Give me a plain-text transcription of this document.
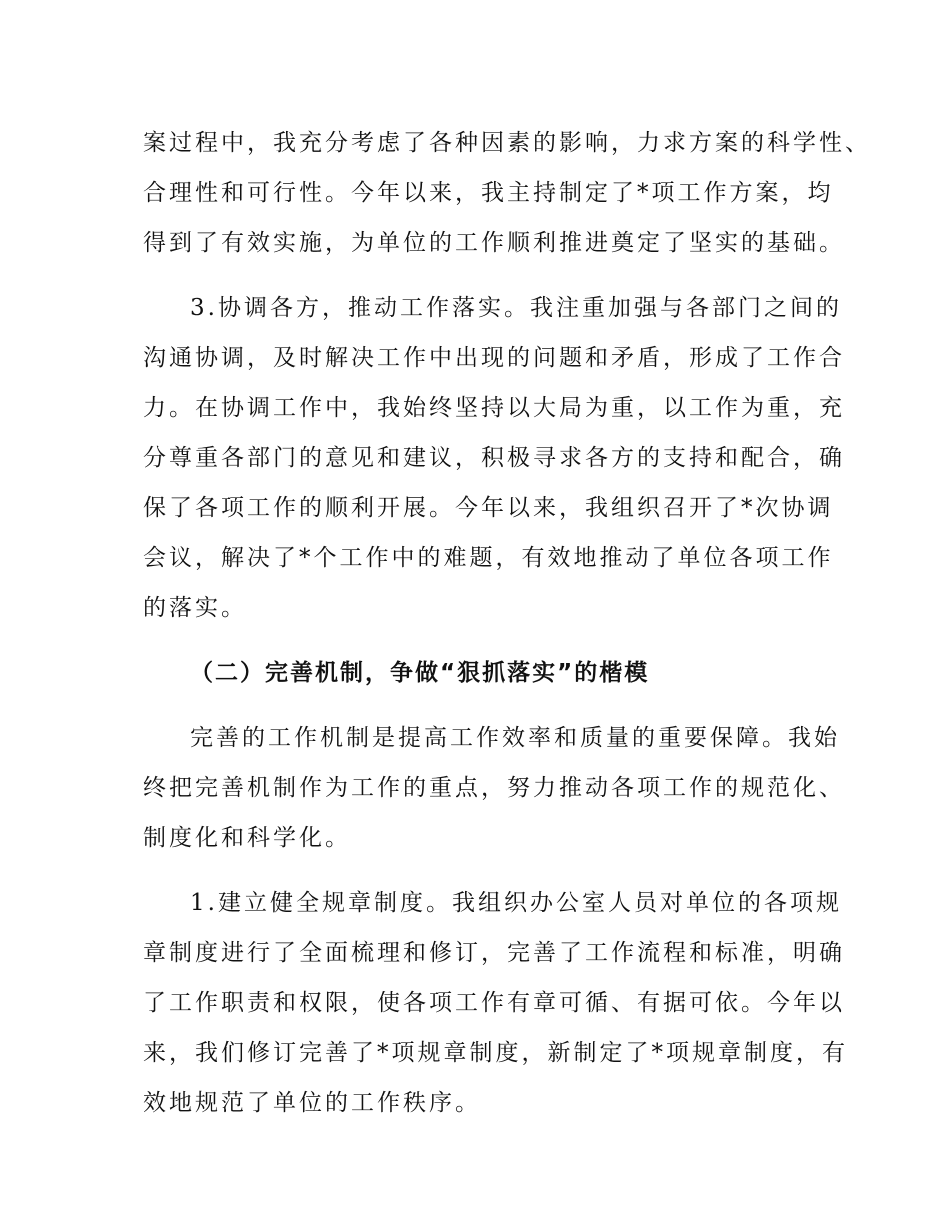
案过程中，我充分考虑了各种因素的影响，力求方案的科学性、
合理性和可行性。今年以来，我主持制定了*项工作方案，均
得到了有效实施，为单位的工作顺利推进奠定了坚实的基础。
3.协调各方，推动工作落实。我注重加强与各部门之间的
沟通协调，及时解决工作中出现的问题和矛盾，形成了工作合
力。在协调工作中，我始终坚持以大局为重，以工作为重，充
分尊重各部门的意见和建议，积极寻求各方的支持和配合，确
保了各项工作的顺利开展。今年以来，我组织召开了*次协调
会议，解决了*个工作中的难题，有效地推动了单位各项工作
的落实。
（二）完善机制，争做“狠抓落实”的楷模
完善的工作机制是提高工作效率和质量的重要保障。我始
终把完善机制作为工作的重点，努力推动各项工作的规范化、
制度化和科学化。
1.建立健全规章制度。我组织办公室人员对单位的各项规
章制度进行了全面梳理和修订，完善了工作流程和标准，明确
了工作职责和权限，使各项工作有章可循、有据可依。今年以
来，我们修订完善了*项规章制度，新制定了*项规章制度，有
效地规范了单位的工作秩序。
